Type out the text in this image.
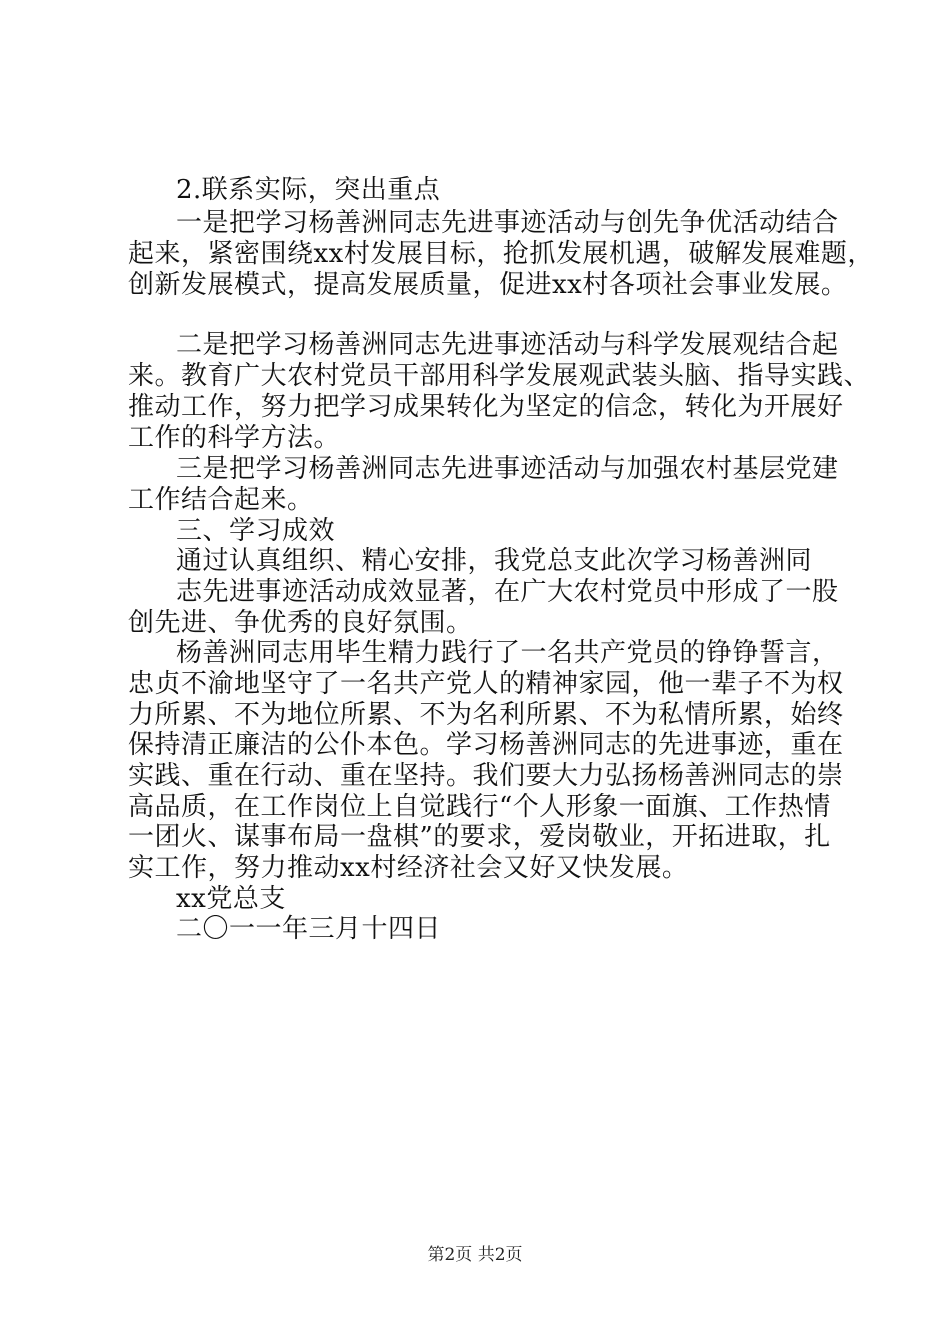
2.联系实际，突出重点
一是把学习杨善洲同志先进事迹活动与创先争优活动结合
起来，紧密围绕xx村发展目标，抢抓发展机遇，破解发展难题，
创新发展模式，提高发展质量，促进xx村各项社会事业发展。
二是把学习杨善洲同志先进事迹活动与科学发展观结合起
来。教育广大农村党员干部用科学发展观武装头脑、指导实践、
推动工作，努力把学习成果转化为坚定的信念，转化为开展好
工作的科学方法。
三是把学习杨善洲同志先进事迹活动与加强农村基层党建
工作结合起来。
三、学习成效
通过认真组织、精心安排，我党总支此次学习杨善洲同
志先进事迹活动成效显著，在广大农村党员中形成了一股
创先进、争优秀的良好氛围。
杨善洲同志用毕生精力践行了一名共产党员的铮铮誓言，
忠贞不渝地坚守了一名共产党人的精神家园，他一辈子不为权
力所累、不为地位所累、不为名利所累、不为私情所累，始终
保持清正廉洁的公仆本色。学习杨善洲同志的先进事迹，重在
实践、重在行动、重在坚持。我们要大力弘扬杨善洲同志的崇
高品质，在工作岗位上自觉践行“个人形象一面旗、工作热情
一团火、谋事布局一盘棋”的要求，爱岗敬业，开拓进取，扎
实工作，努力推动xx村经济社会又好又快发展。
xx党总支
二〇一一年三月十四日
第2页 共2页
